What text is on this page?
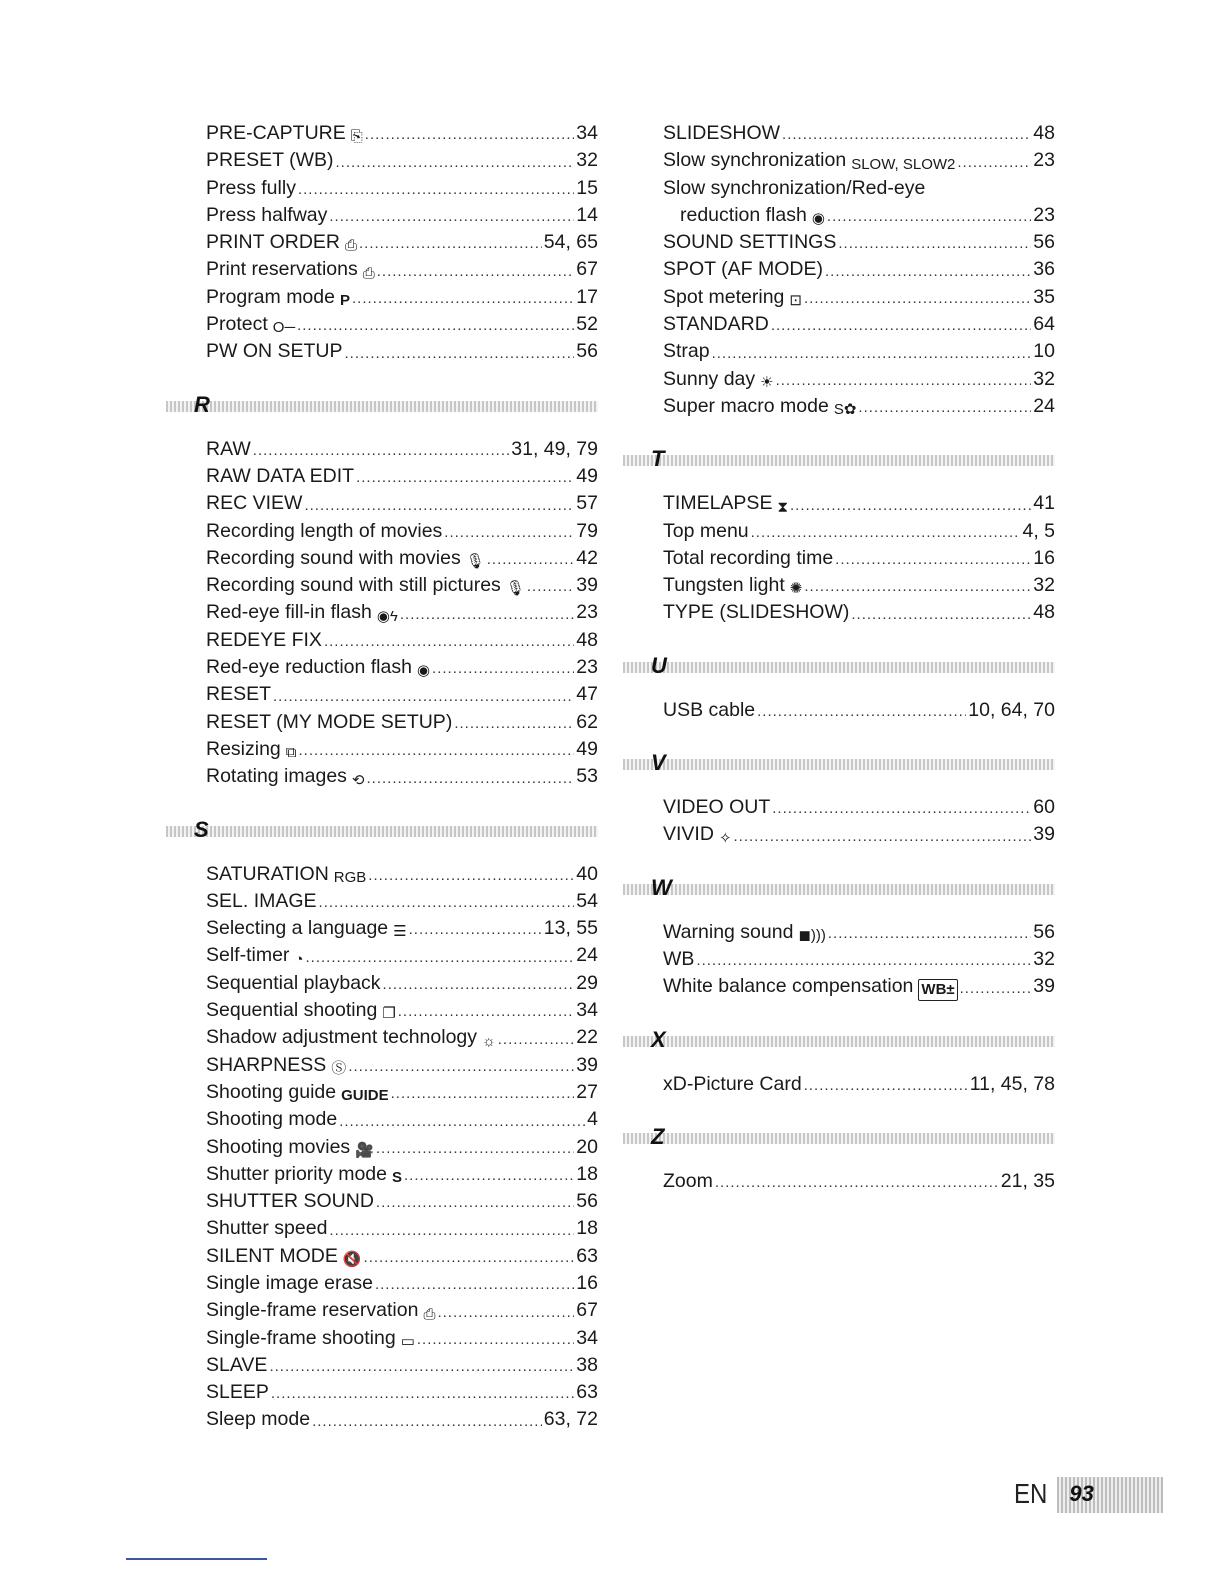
PRE-CAPTURE ⎘ .....	34
PRESET (WB) .....	32
Press fully .....	15
Press halfway .....	14
PRINT ORDER ⎙ .....	54, 65
Print reservations ⎙ .....	67
Program mode P .....	17
Protect O─ .....	52
PW ON SETUP .....	56
R
RAW .....	31, 49, 79
RAW DATA EDIT .....	49
REC VIEW .....	57
Recording length of movies .....	79
Recording sound with movies 🎙 .....	42
Recording sound with still pictures 🎙 .....	39
Red-eye fill-in flash ◉ϟ .....	23
REDEYE FIX .....	48
Red-eye reduction flash ◉ .....	23
RESET .....	47
RESET (MY MODE SETUP) .....	62
Resizing ⧉ .....	49
Rotating images ⟲ .....	53
S
SATURATION RGB .....	40
SEL. IMAGE .....	54
Selecting a language ☰ .....	13, 55
Self-timer ◔ .....	24
Sequential playback .....	29
Sequential shooting ❐ .....	34
Shadow adjustment technology ☼ .....	22
SHARPNESS Ⓢ .....	39
Shooting guide GUIDE .....	27
Shooting mode .....	4
Shooting movies 🎥 .....	20
Shutter priority mode S .....	18
SHUTTER SOUND .....	56
Shutter speed .....	18
SILENT MODE 🔇 .....	63
Single image erase .....	16
Single-frame reservation ⎙ .....	67
Single-frame shooting ▭ .....	34
SLAVE .....	38
SLEEP .....	63
Sleep mode .....	63, 72
SLIDESHOW .....	48
Slow synchronization SLOW, SLOW2 .....	23
Slow synchronization/Red-eye
reduction flash ◉ .....	23
SOUND SETTINGS .....	56
SPOT (AF MODE) .....	36
Spot metering ⊡ .....	35
STANDARD .....	64
Strap .....	10
Sunny day ☀ .....	32
Super macro mode S✿ .....	24
T
TIMELAPSE ⧗ .....	41
Top menu .....	4, 5
Total recording time .....	16
Tungsten light ✺ .....	32
TYPE (SLIDESHOW) .....	48
U
USB cable .....	10, 64, 70
V
VIDEO OUT .....	60
VIVID ✧ .....	39
W
Warning sound ◼))) .....	56
WB .....	32
White balance compensation WB± .....	39
X
xD-Picture Card .....	11, 45, 78
Z
Zoom .....	21, 35
EN 93
